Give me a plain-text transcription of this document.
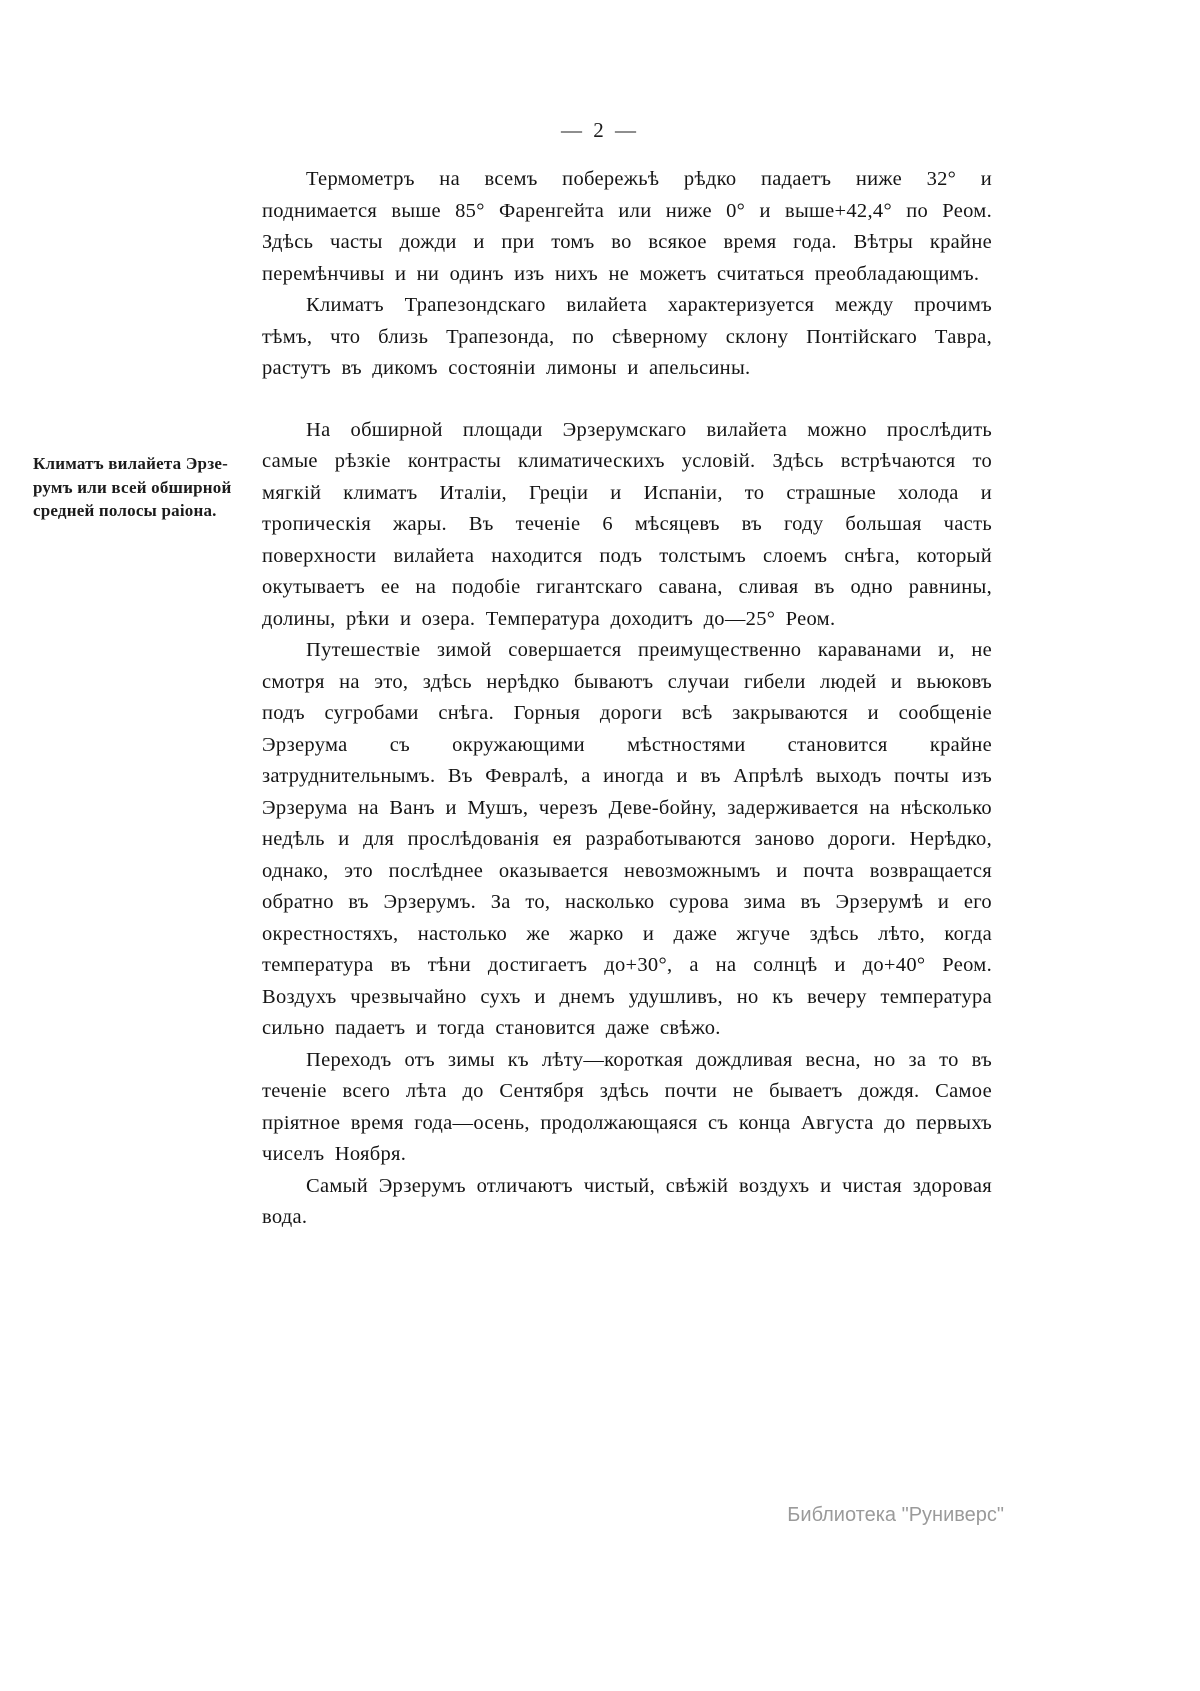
— 2 —
Климатъ вилайета Эрзе-
румъ или всей обширной
средней полосы раіона.

Термометръ на всемъ побережьѣ рѣдко падаетъ ниже 32° и поднимается выше 85° Фаренгейта или ниже 0° и выше+42,4° по Реом. Здѣсь часты дожди и при томъ во всякое время года. Вѣтры крайне перемѣнчивы и ни одинъ изъ нихъ не можетъ считаться преобладающимъ.

Климатъ Трапезондскаго вилайета характеризуется между прочимъ тѣмъ, что близь Трапезонда, по сѣверному склону Понтійскаго Тавра, растутъ въ дикомъ состояніи лимоны и апельсины.

На обширной площади Эрзерумскаго вилайета можно прослѣдить самые рѣзкіе контрасты климатическихъ условій. Здѣсь встрѣчаются то мягкій климатъ Италіи, Греціи и Испаніи, то страшные холода и тропическія жары. Въ теченіе 6 мѣсяцевъ въ году большая часть поверхности вилайета находится подъ толстымъ слоемъ снѣга, который окутываетъ ее на подобіе гигантскаго савана, сливая въ одно равнины, долины, рѣки и озера. Температура доходитъ до—25° Реом.

Путешествіе зимой совершается преимущественно караванами и, не смотря на это, здѣсь нерѣдко бываютъ случаи гибели людей и вьюковъ подъ сугробами снѣга. Горныя дороги всѣ закрываются и сообщеніе Эрзерума съ окружающими мѣстностями становится крайне затруднительнымъ. Въ Февралѣ, а иногда и въ Апрѣлѣ выходъ почты изъ Эрзерума на Ванъ и Мушъ, черезъ Деве-бойну, задерживается на нѣсколько недѣль и для прослѣдованія ея разработываются заново дороги. Нерѣдко, однако, это послѣднее оказывается невозможнымъ и почта возвращается обратно въ Эрзерумъ. За то, насколько сурова зима въ Эрзерумѣ и его окрестностяхъ, настолько же жарко и даже жгуче здѣсь лѣто, когда температура въ тѣни достигаетъ до+30°, а на солнцѣ и до+40° Реом. Воздухъ чрезвычайно сухъ и днемъ удушливъ, но къ вечеру температура сильно падаетъ и тогда становится даже свѣжо.

Переходъ отъ зимы къ лѣту—короткая дождливая весна, но за то въ теченіе всего лѣта до Сентября здѣсь почти не бываетъ дождя. Самое пріятное время года—осень, продолжающаяся съ конца Августа до первыхъ чиселъ Ноября.

Самый Эрзерумъ отличаютъ чистый, свѣжій воздухъ и чистая здоровая вода.

Библиотека "Руниверс"
